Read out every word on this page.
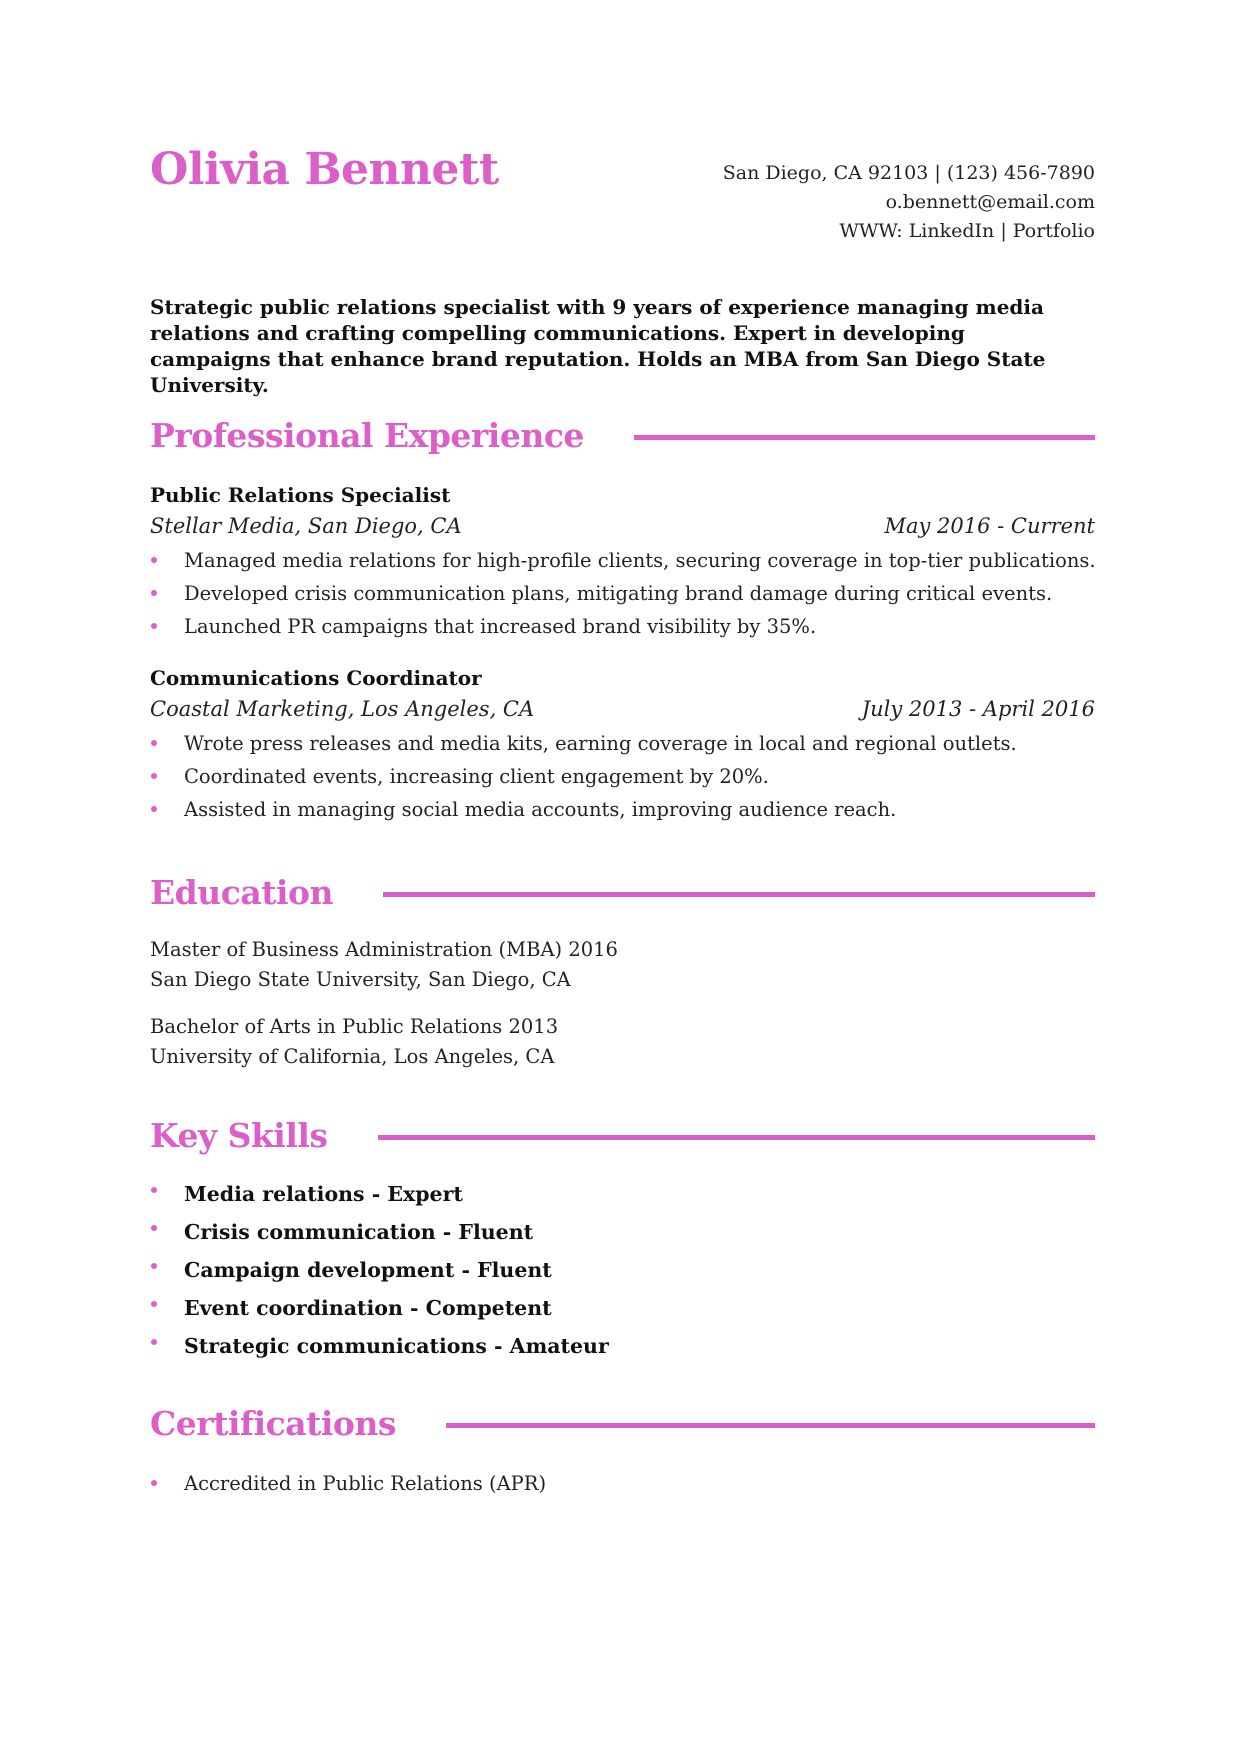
Olivia Bennett	San Diego, CA 92103 | (123) 456-7890
o.bennett@email.com
WWW: LinkedIn | Portfolio

Strategic public relations specialist with 9 years of experience managing media relations and crafting compelling communications. Expert in developing campaigns that enhance brand reputation. Holds an MBA from San Diego State University.

Professional Experience
Public Relations Specialist
Stellar Media, San Diego, CA	May 2016 - Current
Managed media relations for high-profile clients, securing coverage in top-tier publications.
Developed crisis communication plans, mitigating brand damage during critical events.
Launched PR campaigns that increased brand visibility by 35%.
Communications Coordinator
Coastal Marketing, Los Angeles, CA	July 2013 - April 2016
Wrote press releases and media kits, earning coverage in local and regional outlets.
Coordinated events, increasing client engagement by 20%.
Assisted in managing social media accounts, improving audience reach.
Education
Master of Business Administration (MBA) 2016
San Diego State University, San Diego, CA
Bachelor of Arts in Public Relations 2013
University of California, Los Angeles, CA
Key Skills
Media relations - Expert
Crisis communication - Fluent
Campaign development - Fluent
Event coordination - Competent
Strategic communications - Amateur
Certifications
Accredited in Public Relations (APR)
